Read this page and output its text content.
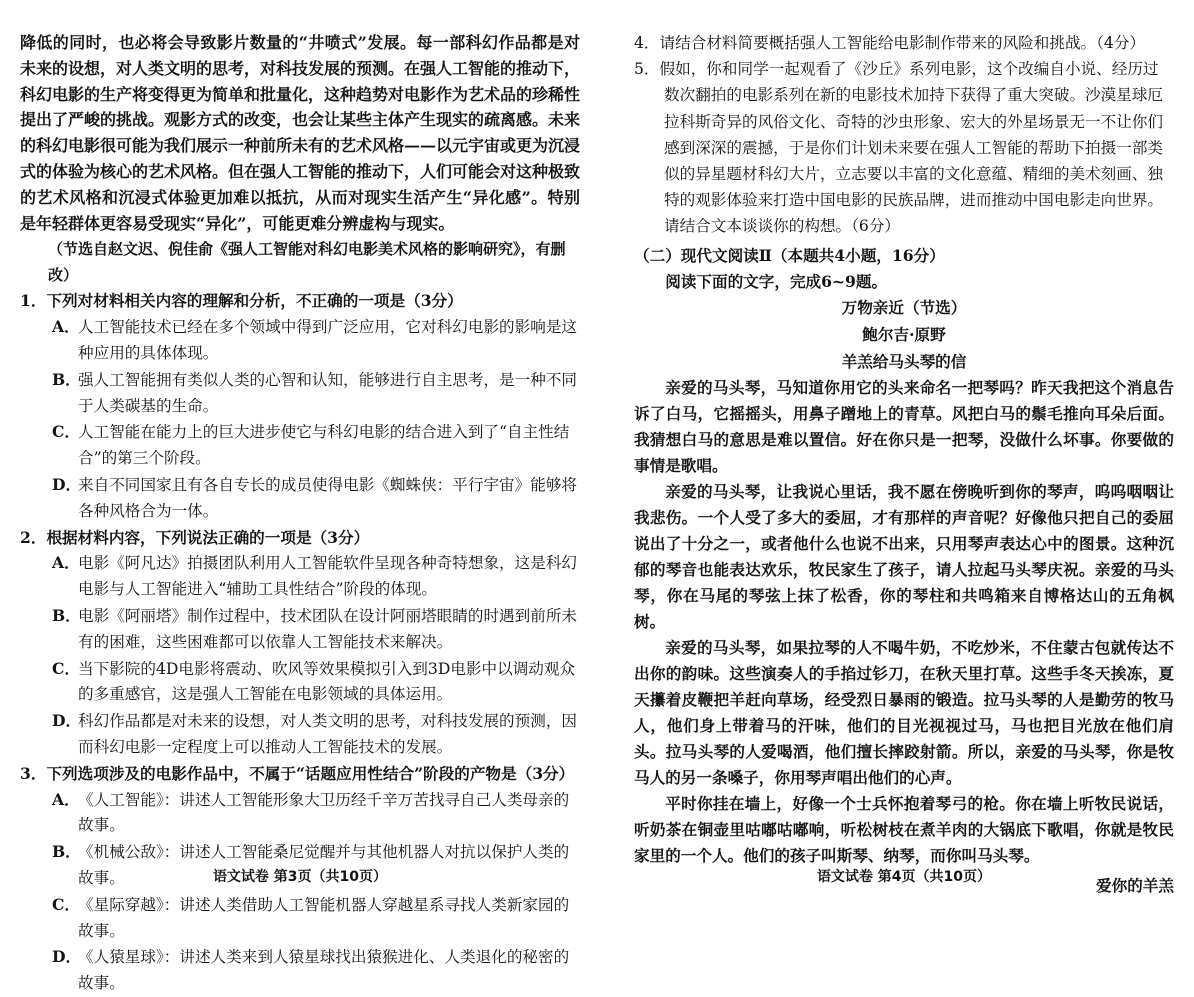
降低的同时，也必将会导致影片数量的“井喷式”发展。每一部科幻作品都是对未来的设想，对人类文明的思考，对科技发展的预测。在强人工智能的推动下，科幻电影的生产将变得更为简单和批量化，这种趋势对电影作为艺术品的珍稀性提出了严峻的挑战。观影方式的改变，也会让某些主体产生现实的疏离感。未来的科幻电影很可能为我们展示一种前所未有的艺术风格——以元宇宙或更为沉浸式的体验为核心的艺术风格。但在强人工智能的推动下，人们可能会对这种极致的艺术风格和沉浸式体验更加难以抵抗，从而对现实生活产生“异化感”。特别是年轻群体更容易受现实“异化”，可能更难分辨虚构与现实。

（节选自赵文迟、倪佳俞《强人工智能对科幻电影美术风格的影响研究》，有删改）

1．下列对材料相关内容的理解和分析，不正确的一项是（3分）

A．人工智能技术已经在多个领域中得到广泛应用，它对科幻电影的影响是这种应用的具体体现。

B．强人工智能拥有类似人类的心智和认知，能够进行自主思考，是一种不同于人类碳基的生命。

C．人工智能在能力上的巨大进步使它与科幻电影的结合进入到了“自主性结合”的第三个阶段。

D．来自不同国家且有各自专长的成员使得电影《蜘蛛侠：平行宇宙》能够将各种风格合为一体。

2．根据材料内容，下列说法正确的一项是（3分）

A．电影《阿凡达》拍摄团队利用人工智能软件呈现各种奇特想象，这是科幻电影与人工智能进入“辅助工具性结合”阶段的体现。

B．电影《阿丽塔》制作过程中，技术团队在设计阿丽塔眼睛的时遇到前所未有的困难，这些困难都可以依靠人工智能技术来解决。

C．当下影院的4D电影将震动、吹风等效果模拟引入到3D电影中以调动观众的多重感官，这是强人工智能在电影领域的具体运用。

D．科幻作品都是对未来的设想，对人类文明的思考，对科技发展的预测，因而科幻电影一定程度上可以推动人工智能技术的发展。

3．下列选项涉及的电影作品中，不属于“话题应用性结合”阶段的产物是（3分）

A．《人工智能》：讲述人工智能形象大卫历经千辛万苦找寻自己人类母亲的故事。

B．《机械公敌》：讲述人工智能桑尼觉醒并与其他机器人对抗以保护人类的故事。

C．《星际穿越》：讲述人类借助人工智能机器人穿越星系寻找人类新家园的故事。

D．《人猿星球》：讲述人类来到人猿星球找出猿猴进化、人类退化的秘密的故事。

语文试卷 第3页（共10页）

4．请结合材料简要概括强人工智能给电影制作带来的风险和挑战。（4分）

5．假如，你和同学一起观看了《沙丘》系列电影，这个改编自小说、经历过数次翻拍的电影系列在新的电影技术加持下获得了重大突破。沙漠星球厄拉科斯奇异的风俗文化、奇特的沙虫形象、宏大的外星场景无一不让你们感到深深的震撼，于是你们计划未来要在强人工智能的帮助下拍摄一部类似的异星题材科幻大片，立志要以丰富的文化意蕴、精细的美术刻画、独特的观影体验来打造中国电影的民族品牌，进而推动中国电影走向世界。请结合文本谈谈你的构想。（6分）

（二）现代文阅读Ⅱ（本题共4小题，16分）

阅读下面的文字，完成6~9题。

万物亲近（节选）

鲍尔吉·原野

羊羔给马头琴的信

亲爱的马头琴，马知道你用它的头来命名一把琴吗？昨天我把这个消息告诉了白马，它摇摇头，用鼻子蹭地上的青草。风把白马的鬃毛推向耳朵后面。我猜想白马的意思是难以置信。好在你只是一把琴，没做什么坏事。你要做的事情是歌唱。

亲爱的马头琴，让我说心里话，我不愿在傍晚听到你的琴声，呜呜咽咽让我悲伤。一个人受了多大的委屈，才有那样的声音呢？好像他只把自己的委屈说出了十分之一，或者他什么也说不出来，只用琴声表达心中的图景。这种沉郁的琴音也能表达欢乐，牧民家生了孩子，请人拉起马头琴庆祝。亲爱的马头琴，你在马尾的琴弦上抹了松香，你的琴柱和共鸣箱来自博格达山的五角枫树。

亲爱的马头琴，如果拉琴的人不喝牛奶，不吃炒米，不住蒙古包就传达不出你的韵味。这些演奏人的手掐过钐刀，在秋天里打草。这些手冬天挨冻，夏天攥着皮鞭把羊赶向草场，经受烈日暴雨的锻造。拉马头琴的人是勤劳的牧马人，他们身上带着马的汗味，他们的目光视视过马，马也把目光放在他们肩头。拉马头琴的人爱喝酒，他们擅长摔跤射箭。所以，亲爱的马头琴，你是牧马人的另一条嗓子，你用琴声唱出他们的心声。

平时你挂在墙上，好像一个士兵怀抱着琴弓的枪。你在墙上听牧民说话，听奶茶在铜壶里咕嘟咕嘟响，听松树枝在煮羊肉的大锅底下歌唱，你就是牧民家里的一个人。他们的孩子叫斯琴、纳琴，而你叫马头琴。

爱你的羊羔

语文试卷 第4页（共10页）
